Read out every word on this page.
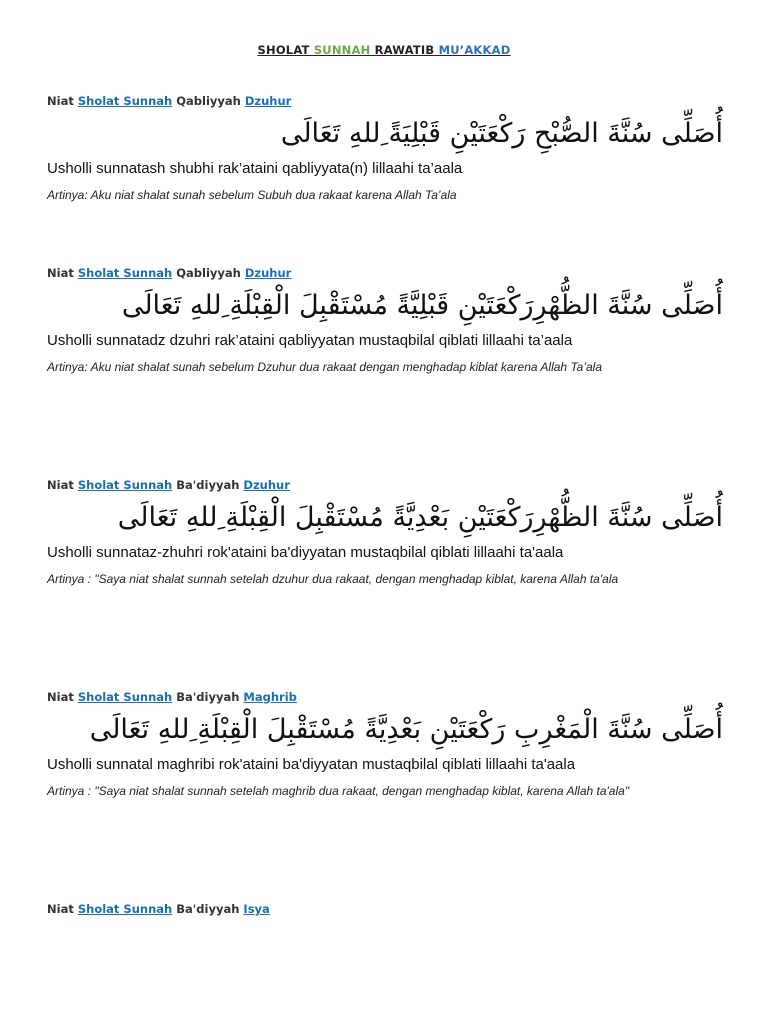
SHOLAT SUNNAH RAWATIB MU’AKKAD
Niat Sholat Sunnah Qabliyyah Dzuhur
أُصَلِّى سُنَّةَ الصُّبْحِ رَكْعَتَيْنِ قَبْلِيَةً ِللهِ تَعَالَى
Usholli sunnatash shubhi rak’ataini qabliyyata(n) lillaahi ta’aala
Artinya: Aku niat shalat sunah sebelum Subuh dua rakaat karena Allah Ta’ala
Niat Sholat Sunnah Qabliyyah Dzuhur
أُصَلِّى سُنَّةَ الظُّهْرِرَكْعَتَيْنِ قَبْلِيَّةً مُسْتَقْبِلَ الْقِبْلَةِ ِللهِ تَعَالَى
Usholli sunnatadz dzuhri rak’ataini qabliyyatan mustaqbilal qiblati lillaahi ta’aala
Artinya: Aku niat shalat sunah sebelum Dzuhur dua rakaat dengan menghadap kiblat karena Allah Ta’ala
Niat Sholat Sunnah Ba'diyyah Dzuhur
أُصَلِّى سُنَّةَ الظُّهْرِرَكْعَتَيْنِ بَعْدِيَّةً مُسْتَقْبِلَ الْقِبْلَةِ ِللهِ تَعَالَى
Usholli sunnataz-zhuhri rok'ataini ba'diyyatan mustaqbilal qiblati lillaahi ta'aala
Artinya : "Saya niat shalat sunnah setelah dzuhur dua rakaat, dengan menghadap kiblat, karena Allah ta'ala
Niat Sholat Sunnah Ba'diyyah Maghrib
أُصَلِّى سُنَّةَ الْمَغْرِبِ رَكْعَتَيْنِ بَعْدِيَّةً مُسْتَقْبِلَ الْقِبْلَةِ ِللهِ تَعَالَى
Usholli sunnatal maghribi rok'ataini ba'diyyatan mustaqbilal qiblati lillaahi ta'aala
Artinya : "Saya niat shalat sunnah setelah maghrib dua rakaat, dengan menghadap kiblat, karena Allah ta'ala"
Niat Sholat Sunnah Ba'diyyah Isya
